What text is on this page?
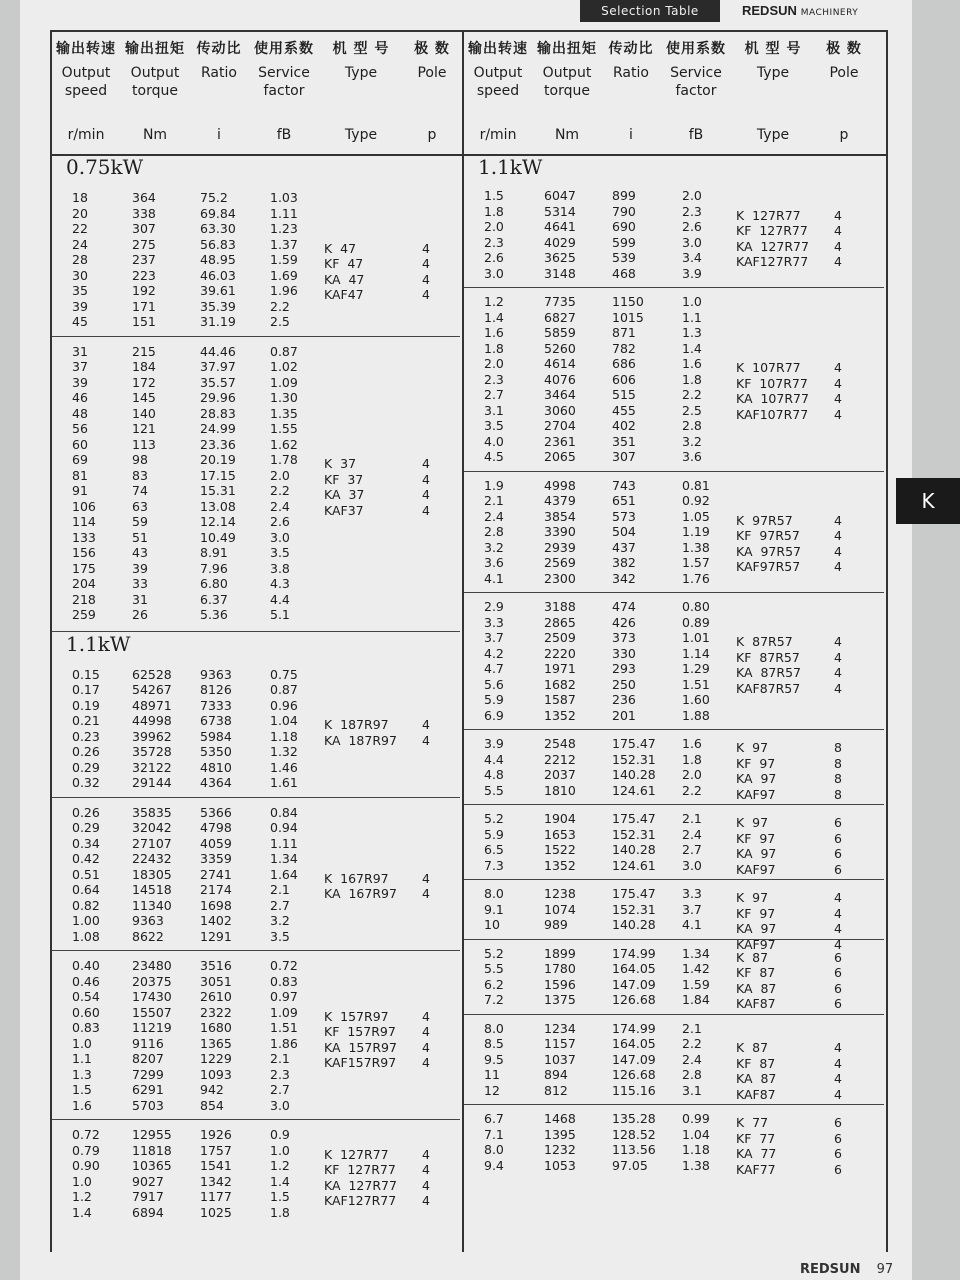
Selection Table	REDSUN MACHINERY
输出转速
Output
speed
r/min
输出扭矩
Output
torque
Nm
传动比
Ratio
i
使用系数
Service
factor
fB
机 型 号
Type
Type
极 数
Pole
p
输出转速
Output
speed
r/min
输出扭矩
Output
torque
Nm
传动比
Ratio
i
使用系数
Service
factor
fB
机 型 号
Type
Type
极 数
Pole
p
0.75kW
18
20
22
24
28
30
35
39
45
364
338
307
275
237
223
192
171
151
75.2
69.84
63.30
56.83
48.95
46.03
39.61
35.39
31.19
1.03
1.11
1.23
1.37
1.59
1.69
1.96
2.2
2.5
K  47
KF  47
KA  47
KAF47
4
4
4
4
31
37
39
46
48
56
60
69
81
91
106
114
133
156
175
204
218
259
215
184
172
145
140
121
113
98
83
74
63
59
51
43
39
33
31
26
44.46
37.97
35.57
29.96
28.83
24.99
23.36
20.19
17.15
15.31
13.08
12.14
10.49
8.91
7.96
6.80
6.37
5.36
0.87
1.02
1.09
1.30
1.35
1.55
1.62
1.78
2.0
2.2
2.4
2.6
3.0
3.5
3.8
4.3
4.4
5.1
K  37
KF  37
KA  37
KAF37
4
4
4
4
1.1kW
0.15
0.17
0.19
0.21
0.23
0.26
0.29
0.32
62528
54267
48971
44998
39962
35728
32122
29144
9363
8126
7333
6738
5984
5350
4810
4364
0.75
0.87
0.96
1.04
1.18
1.32
1.46
1.61
K  187R97
KA  187R97
4
4
0.26
0.29
0.34
0.42
0.51
0.64
0.82
1.00
1.08
35835
32042
27107
22432
18305
14518
11340
9363
8622
5366
4798
4059
3359
2741
2174
1698
1402
1291
0.84
0.94
1.11
1.34
1.64
2.1
2.7
3.2
3.5
K  167R97
KA  167R97
4
4
0.40
0.46
0.54
0.60
0.83
1.0
1.1
1.3
1.5
1.6
23480
20375
17430
15507
11219
9116
8207
7299
6291
5703
3516
3051
2610
2322
1680
1365
1229
1093
942
854
0.72
0.83
0.97
1.09
1.51
1.86
2.1
2.3
2.7
3.0
K  157R97
KF  157R97
KA  157R97
KAF157R97
4
4
4
4
0.72
0.79
0.90
1.0
1.2
1.4
12955
11818
10365
9027
7917
6894
1926
1757
1541
1342
1177
1025
0.9
1.0
1.2
1.4
1.5
1.8
K  127R77
KF  127R77
KA  127R77
KAF127R77
4
4
4
4
1.1kW
1.5
1.8
2.0
2.3
2.6
3.0
6047
5314
4641
4029
3625
3148
899
790
690
599
539
468
2.0
2.3
2.6
3.0
3.4
3.9
K  127R77
KF  127R77
KA  127R77
KAF127R77
4
4
4
4
1.2
1.4
1.6
1.8
2.0
2.3
2.7
3.1
3.5
4.0
4.5
7735
6827
5859
5260
4614
4076
3464
3060
2704
2361
2065
1150
1015
871
782
686
606
515
455
402
351
307
1.0
1.1
1.3
1.4
1.6
1.8
2.2
2.5
2.8
3.2
3.6
K  107R77
KF  107R77
KA  107R77
KAF107R77
4
4
4
4
1.9
2.1
2.4
2.8
3.2
3.6
4.1
4998
4379
3854
3390
2939
2569
2300
743
651
573
504
437
382
342
0.81
0.92
1.05
1.19
1.38
1.57
1.76
K  97R57
KF  97R57
KA  97R57
KAF97R57
4
4
4
4
2.9
3.3
3.7
4.2
4.7
5.6
5.9
6.9
3188
2865
2509
2220
1971
1682
1587
1352
474
426
373
330
293
250
236
201
0.80
0.89
1.01
1.14
1.29
1.51
1.60
1.88
K  87R57
KF  87R57
KA  87R57
KAF87R57
4
4
4
4
3.9
4.4
4.8
5.5
2548
2212
2037
1810
175.47
152.31
140.28
124.61
1.6
1.8
2.0
2.2
K  97
KF  97
KA  97
KAF97
8
8
8
8
5.2
5.9
6.5
7.3
1904
1653
1522
1352
175.47
152.31
140.28
124.61
2.1
2.4
2.7
3.0
K  97
KF  97
KA  97
KAF97
6
6
6
6
8.0
9.1
10
1238
1074
989
175.47
152.31
140.28
3.3
3.7
4.1
K  97
KF  97
KA  97
KAF97
4
4
4
4
5.2
5.5
6.2
7.2
1899
1780
1596
1375
174.99
164.05
147.09
126.68
1.34
1.42
1.59
1.84
K  87
KF  87
KA  87
KAF87
6
6
6
6
8.0
8.5
9.5
11
12
1234
1157
1037
894
812
174.99
164.05
147.09
126.68
115.16
2.1
2.2
2.4
2.8
3.1
K  87
KF  87
KA  87
KAF87
4
4
4
4
6.7
7.1
8.0
9.4
1468
1395
1232
1053
135.28
128.52
113.56
97.05
0.99
1.04
1.18
1.38
K  77
KF  77
KA  77
KAF77
6
6
6
6
REDSUN 97
K
